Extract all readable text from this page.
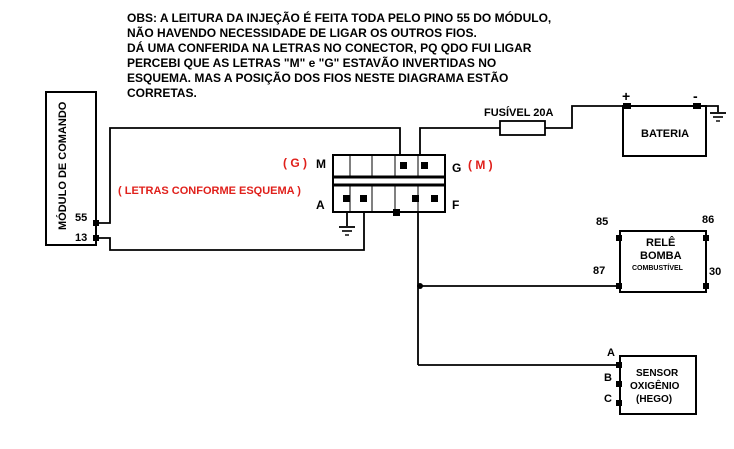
OBS: A LEITURA DA INJEÇÃO É FEITA TODA PELO PINO 55 DO MÓDULO,
NÃO HAVENDO NECESSIDADE DE LIGAR OS OUTROS FIOS.
DÁ UMA CONFERIDA NA LETRAS NO CONECTOR, PQ QDO FUI LIGAR
PERCEBI QUE AS LETRAS "M" e "G" ESTAVÃO INVERTIDAS NO
ESQUEMA. MAS A POSIÇÃO DOS FIOS NESTE DIAGRAMA ESTÃO
CORRETAS.
MÓDULO DE COMANDO 55
13
M
( G )	G ( M )
A	F
( LETRAS CONFORME ESQUEMA )
FUSÍVEL 20A
+	-
BATERIA
85	86
87	30
RELÊ
BOMBA
COMBUSTÍVEL
A
B
C
SENSOR
OXIGÊNIO
(HEGO)
